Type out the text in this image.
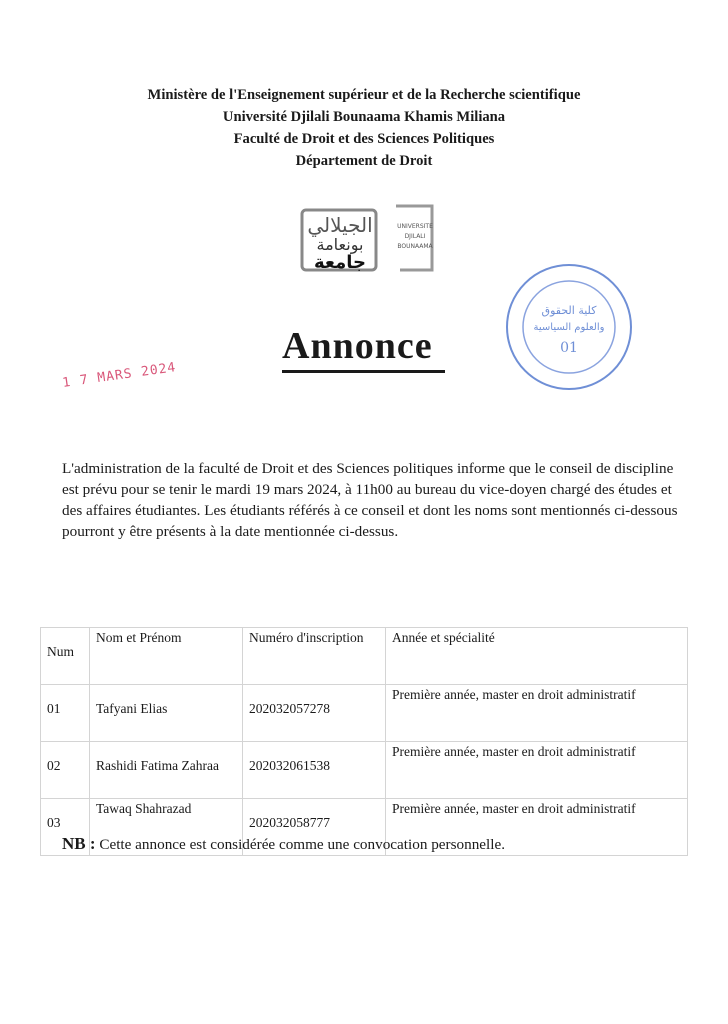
Ministère de l'Enseignement supérieur et de la Recherche scientifique
Université Djilali Bounaama Khamis Miliana
Faculté de Droit et des Sciences Politiques
Département de Droit
الجيلالي
بونعامة
جامعة
UNIVERSITE
DJILALI
BOUNAAMA
كلية الحقوق
والعلوم السياسية
01
Annonce
1 7 MARS 2024
L'administration de la faculté de Droit et des Sciences politiques informe que le conseil de discipline est prévu pour se tenir le mardi 19 mars 2024, à 11h00 au bureau du vice-doyen chargé des études et des affaires étudiantes. Les étudiants référés à ce conseil et dont les noms sont mentionnés ci-dessous pourront y être présents à la date mentionnée ci-dessus.
Num	Nom et Prénom	Numéro d'inscription	Année et spécialité
01	Tafyani Elias	202032057278	Première année, master en droit administratif
02	Rashidi Fatima Zahraa	202032061538	Première année, master en droit administratif
03	Tawaq Shahrazad	202032058777	Première année, master en droit administratif
NB : Cette annonce est considérée comme une convocation personnelle.
